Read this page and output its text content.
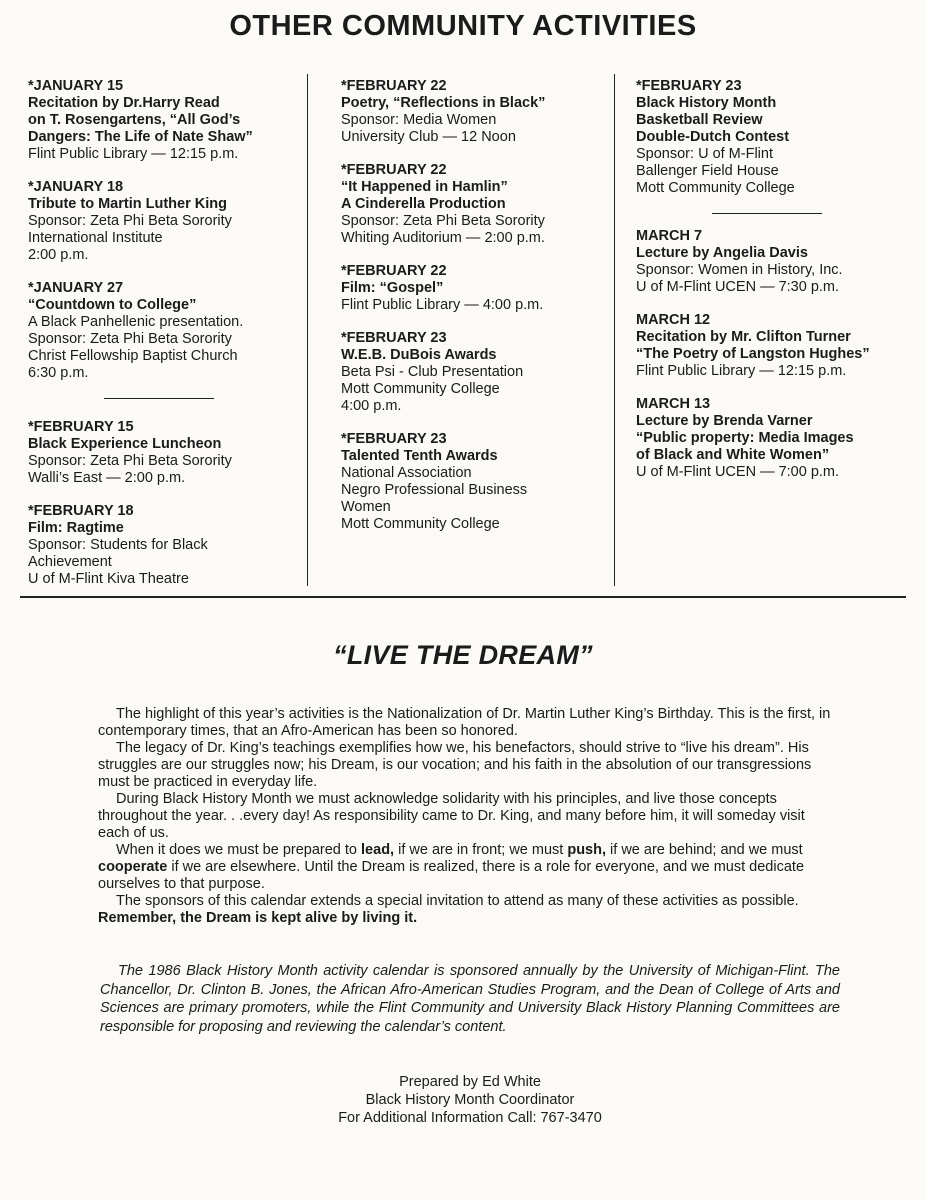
OTHER COMMUNITY ACTIVITIES
*JANUARY 15
Recitation by Dr.Harry Read
on T. Rosengartens, “All God’s
Dangers: The Life of Nate Shaw”
Flint Public Library — 12:15 p.m.
*JANUARY 18
Tribute to Martin Luther King
Sponsor: Zeta Phi Beta Sorority
International Institute
2:00 p.m.
*JANUARY 27
“Countdown to College”
A Black Panhellenic presentation.
Sponsor: Zeta Phi Beta Sorority
Christ Fellowship Baptist Church
6:30 p.m.
*FEBRUARY 15
Black Experience Luncheon
Sponsor: Zeta Phi Beta Sorority
Walli’s East — 2:00 p.m.
*FEBRUARY 18
Film: Ragtime
Sponsor: Students for Black
Achievement
U of M-Flint Kiva Theatre
*FEBRUARY 22
Poetry, “Reflections in Black”
Sponsor: Media Women
University Club — 12 Noon
*FEBRUARY 22
“It Happened in Hamlin”
A Cinderella Production
Sponsor: Zeta Phi Beta Sorority
Whiting Auditorium — 2:00 p.m.
*FEBRUARY 22
Film: “Gospel”
Flint Public Library — 4:00 p.m.
*FEBRUARY 23
W.E.B. DuBois Awards
Beta Psi - Club Presentation
Mott Community College
4:00 p.m.
*FEBRUARY 23
Talented Tenth Awards
National Association
Negro Professional Business
Women
Mott Community College
*FEBRUARY 23
Black History Month
Basketball Review
Double-Dutch Contest
Sponsor: U of M-Flint
Ballenger Field House
Mott Community College
MARCH 7
Lecture by Angelia Davis
Sponsor: Women in History, Inc.
U of M-Flint UCEN — 7:30 p.m.
MARCH 12
Recitation by Mr. Clifton Turner
“The Poetry of Langston Hughes”
Flint Public Library — 12:15 p.m.
MARCH 13
Lecture by Brenda Varner
“Public property: Media Images
of Black and White Women”
U of M-Flint UCEN — 7:00 p.m.
“LIVE THE DREAM”

The highlight of this year’s activities is the Nationalization of Dr. Martin Luther King’s Birthday. This is the first, in contemporary times, that an Afro-American has been so honored.

The legacy of Dr. King’s teachings exemplifies how we, his benefactors, should strive to “live his dream”. His struggles are our struggles now; his Dream, is our vocation; and his faith in the absolution of our transgressions must be practiced in everyday life.

During Black History Month we must acknowledge solidarity with his principles, and live those concepts throughout the year. . .every day! As responsibility came to Dr. King, and many before him, it will someday visit each of us.

When it does we must be prepared to lead, if we are in front; we must push, if we are behind; and we must cooperate if we are elsewhere. Until the Dream is realized, there is a role for everyone, and we must dedicate ourselves to that purpose.

The sponsors of this calendar extends a special invitation to attend as many of these activities as possible. Remember, the Dream is kept alive by living it.

The 1986 Black History Month activity calendar is sponsored annually by the University of Michigan-Flint. The Chancellor, Dr. Clinton B. Jones, the African Afro-American Studies Program, and the Dean of College of Arts and Sciences are primary promoters, while the Flint Community and University Black History Planning Committees are responsible for proposing and reviewing the calendar’s content.

Prepared by Ed White
Black History Month Coordinator
For Additional Information Call: 767-3470
